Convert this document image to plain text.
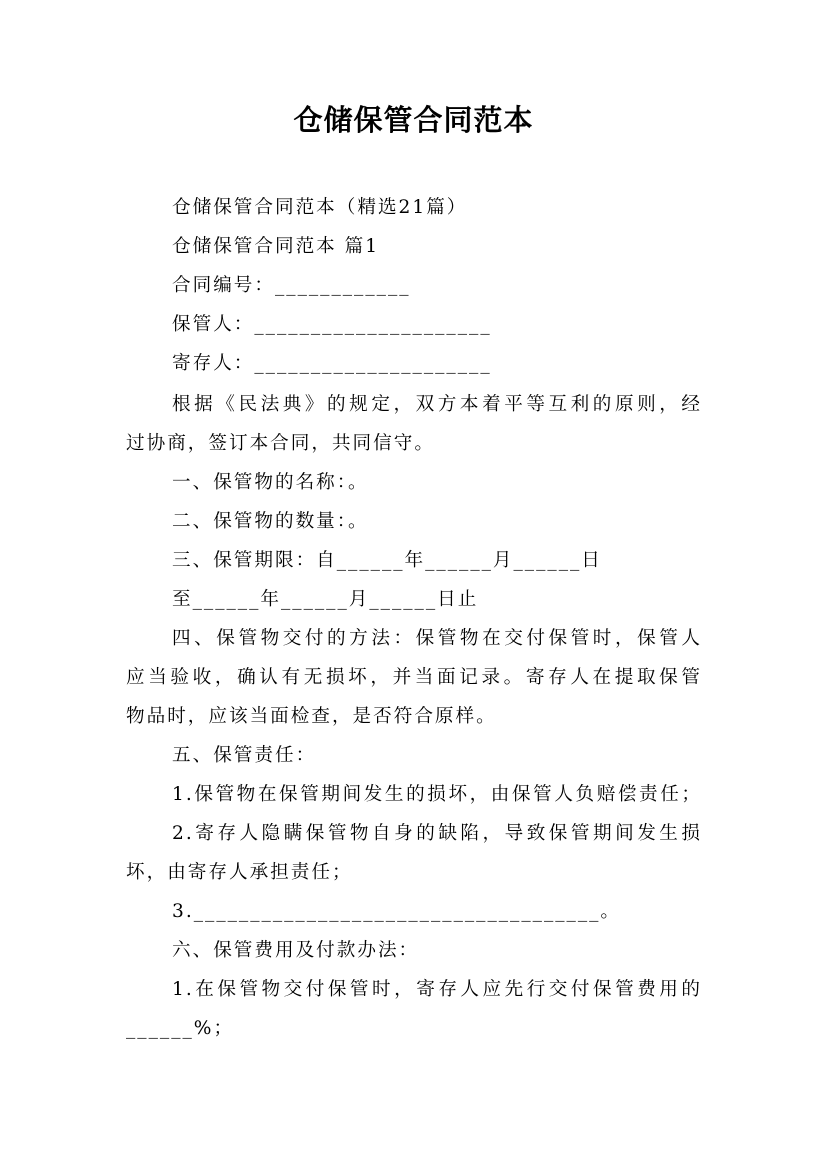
仓储保管合同范本
仓储保管合同范本（精选21篇）
仓储保管合同范本 篇1
合同编号：____________
保管人：_____________________
寄存人：_____________________
根据《民法典》的规定，双方本着平等互利的原则，经
过协商，签订本合同，共同信守。
一、保管物的名称：。
二、保管物的数量：。
三、保管期限：自______年______月______日
至______年______月______日止
四、保管物交付的方法：保管物在交付保管时，保管人
应当验收，确认有无损坏，并当面记录。寄存人在提取保管
物品时，应该当面检查，是否符合原样。
五、保管责任：
1.保管物在保管期间发生的损坏，由保管人负赔偿责任；
2.寄存人隐瞒保管物自身的缺陷，导致保管期间发生损
坏，由寄存人承担责任；
3.____________________________________。
六、保管费用及付款办法：
1.在保管物交付保管时，寄存人应先行交付保管费用的
______%；
